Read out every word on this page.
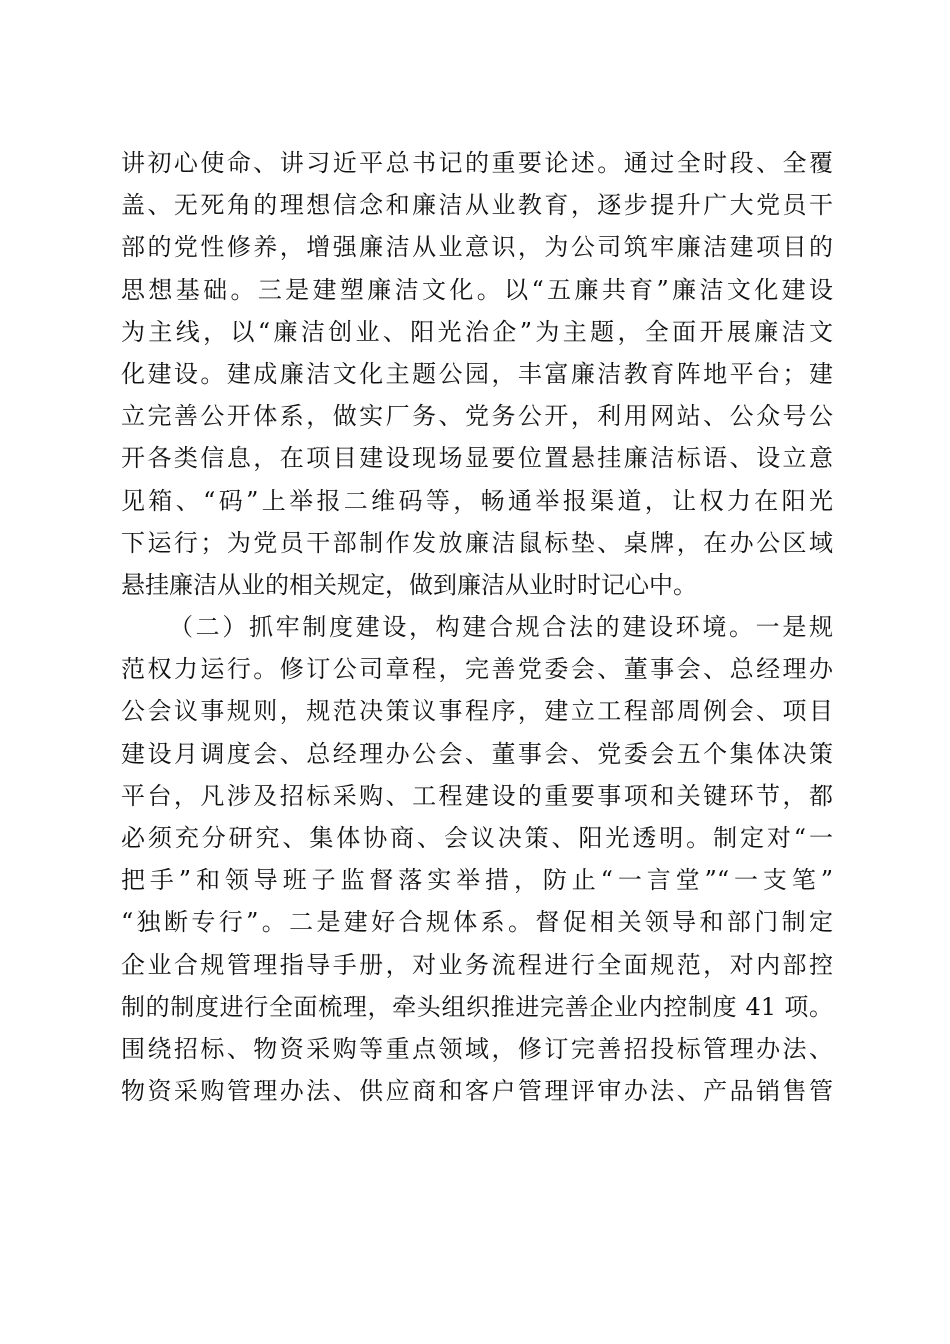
讲初心使命、讲习近平总书记的重要论述。通过全时段、全覆
盖、无死角的理想信念和廉洁从业教育，逐步提升广大党员干
部的党性修养，增强廉洁从业意识，为公司筑牢廉洁建项目的
思想基础。三是建塑廉洁文化。以“五廉共育”廉洁文化建设
为主线，以“廉洁创业、阳光治企”为主题，全面开展廉洁文
化建设。建成廉洁文化主题公园，丰富廉洁教育阵地平台；建
立完善公开体系，做实厂务、党务公开，利用网站、公众号公
开各类信息，在项目建设现场显要位置悬挂廉洁标语、设立意
见箱、“码”上举报二维码等，畅通举报渠道，让权力在阳光
下运行；为党员干部制作发放廉洁鼠标垫、桌牌，在办公区域
悬挂廉洁从业的相关规定，做到廉洁从业时时记心中。
（二）抓牢制度建设，构建合规合法的建设环境。一是规
范权力运行。修订公司章程，完善党委会、董事会、总经理办
公会议事规则，规范决策议事程序，建立工程部周例会、项目
建设月调度会、总经理办公会、董事会、党委会五个集体决策
平台，凡涉及招标采购、工程建设的重要事项和关键环节，都
必须充分研究、集体协商、会议决策、阳光透明。制定对“一
把手”和领导班子监督落实举措，防止“一言堂”“一支笔”
“独断专行”。二是建好合规体系。督促相关领导和部门制定
企业合规管理指导手册，对业务流程进行全面规范，对内部控
制的制度进行全面梳理，牵头组织推进完善企业内控制度 41 项。
围绕招标、物资采购等重点领域，修订完善招投标管理办法、
物资采购管理办法、供应商和客户管理评审办法、产品销售管
